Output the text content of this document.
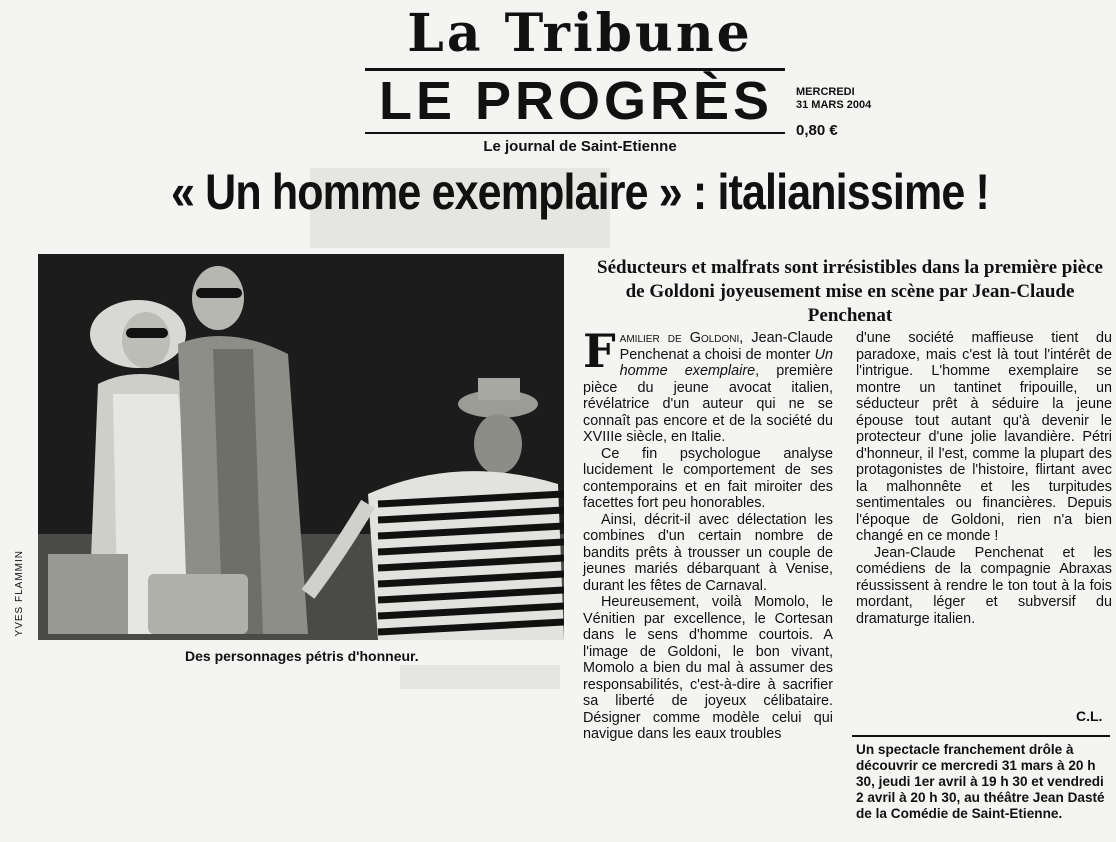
La Tribune
LE PROGRÈS
Le journal de Saint-Etienne
MERCREDI
31 MARS 2004
0,80 €
« Un homme exemplaire » : italianissime !
YVES FLAMMIN
Des personnages pétris d'honneur.
Séducteurs et malfrats sont irrésistibles dans la première pièce de Goldoni joyeusement mise en scène par Jean-Claude Penchenat

Familier de Goldoni, Jean-Claude Penchenat a choisi de monter Un homme exemplaire, première pièce du jeune avocat italien, révélatrice d'un auteur qui ne se connaît pas encore et de la société du XVIIIe siècle, en Italie.

Ce fin psychologue analyse lucidement le comportement de ses contemporains et en fait miroiter des facettes fort peu honorables.

Ainsi, décrit-il avec délectation les combines d'un certain nombre de bandits prêts à trousser un couple de jeunes mariés débarquant à Venise, durant les fêtes de Carnaval.

Heureusement, voilà Momolo, le Vénitien par excellence, le Cortesan dans le sens d'homme courtois. A l'image de Goldoni, le bon vivant, Momolo a bien du mal à assumer des responsabilités, c'est-à-dire à sacrifier sa liberté de joyeux célibataire. Désigner comme modèle celui qui navigue dans les eaux troubles

d'une société maffieuse tient du paradoxe, mais c'est là tout l'intérêt de l'intrigue. L'homme exemplaire se montre un tantinet fripouille, un séducteur prêt à séduire la jeune épouse tout autant qu'à devenir le protecteur d'une jolie lavandière. Pétri d'honneur, il l'est, comme la plupart des protagonistes de l'histoire, flirtant avec la malhonnête et les turpitudes sentimentales ou financières. Depuis l'époque de Goldoni, rien n'a bien changé en ce monde !

Jean-Claude Penchenat et les comédiens de la compagnie Abraxas réussissent à rendre le ton tout à la fois mordant, léger et subversif du dramaturge italien.

C.L.
Un spectacle franchement drôle à découvrir ce mercredi 31 mars à 20 h 30, jeudi 1er avril à 19 h 30 et vendredi 2 avril à 20 h 30, au théâtre Jean Dasté de la Comédie de Saint-Etienne.
